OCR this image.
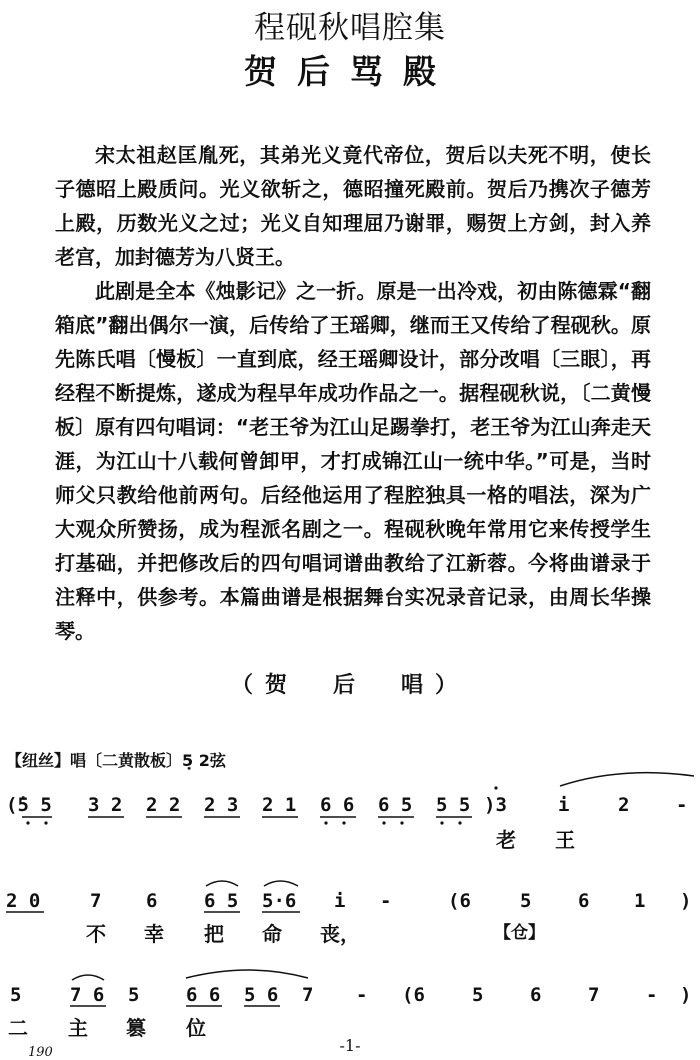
程砚秋唱腔集
贺后骂殿

宋太祖赵匡胤死，其弟光义竟代帝位，贺后以夫死不明，使长子德昭上殿质问。光义欲斩之，德昭撞死殿前。贺后乃携次子德芳上殿，历数光义之过；光义自知理屈乃谢罪，赐贺上方剑，封入养老宫，加封德芳为八贤王。

此剧是全本《烛影记》之一折。原是一出冷戏，初由陈德霖“翻箱底”翻出偶尔一演，后传给了王瑶卿，继而王又传给了程砚秋。原先陈氏唱〔慢板〕一直到底，经王瑶卿设计，部分改唱〔三眼〕，再经程不断提炼，遂成为程早年成功作品之一。据程砚秋说，〔二黄慢板〕原有四句唱词：“老王爷为江山足踢拳打，老王爷为江山奔走天涯，为江山十八载何曾卸甲，才打成锦江山一统中华。”可是，当时师父只教给他前两句。后经他运用了程腔独具一格的唱法，深为广大观众所赞扬，成为程派名剧之一。程砚秋晚年常用它来传授学生打基础，并把修改后的四句唱词谱曲教给了江新蓉。今将曲谱录于注释中，供参考。本篇曲谱是根据舞台实况录音记录，由周长华操琴。

（贺　后　唱）
【纽丝】唱〔二黄散板〕5̣ 2弦
(̇5 5 3 2 2 2 2 3 2 1 6 6 6 5 5 5 )3	i	2 -
老 王
2 0	7 6 6 5 5·6 i -	(6	5 6 1 )
不 幸 把 命 丧，	【仓】
5	7 6 5 6 6 5 6 7 - (6 5 6 7 - )
二 主 篡 位
-1-
190
